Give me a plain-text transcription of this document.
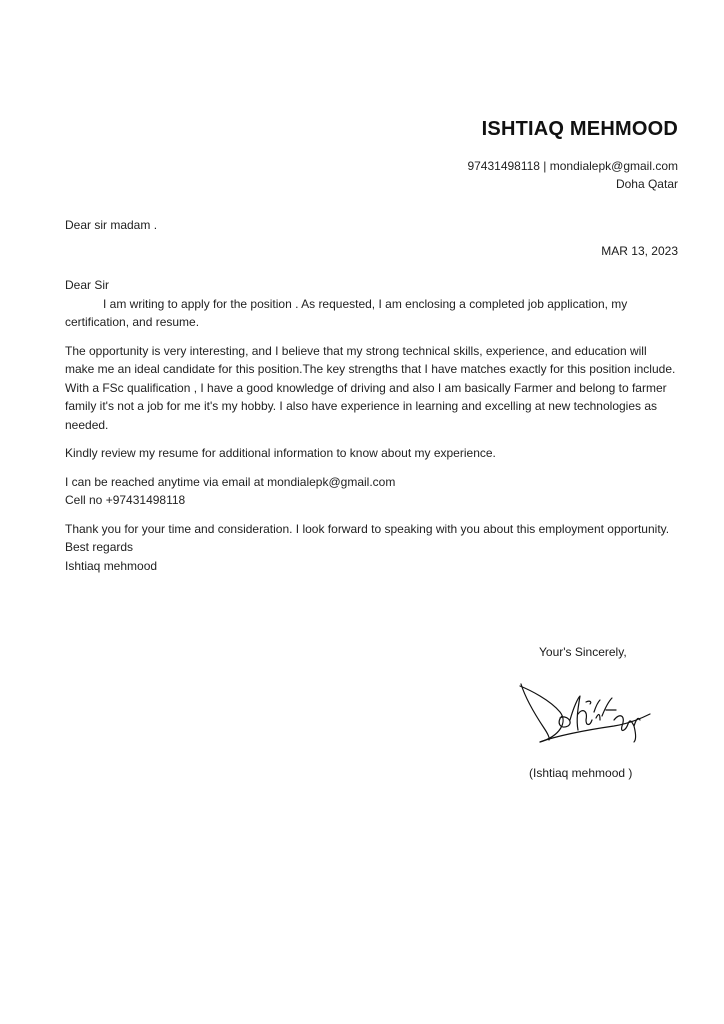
ISHTIAQ MEHMOOD
97431498118 | mondialepk@gmail.com
Doha Qatar
Dear sir madam .
MAR 13, 2023

Dear Sir

I am writing to apply for the position . As requested, I am enclosing a completed job application, my certification, and resume.

The opportunity is very interesting, and I believe that my strong technical skills, experience, and education will make me an ideal candidate for this position.The key strengths that I have matches exactly for this position include.

With a FSc qualification , I have a good knowledge of driving and also I am basically Farmer and belong to farmer family it's not a job for me it's my hobby. I also have experience in learning and excelling at new technologies as needed.

Kindly review my resume for additional information to know about my experience.

I can be reached anytime via email at mondialepk@gmail.com

Cell no +97431498118

Thank you for your time and consideration. I look forward to speaking with you about this employment opportunity.

Best regards

Ishtiaq mehmood

Your's Sincerely,
(Ishtiaq mehmood )
